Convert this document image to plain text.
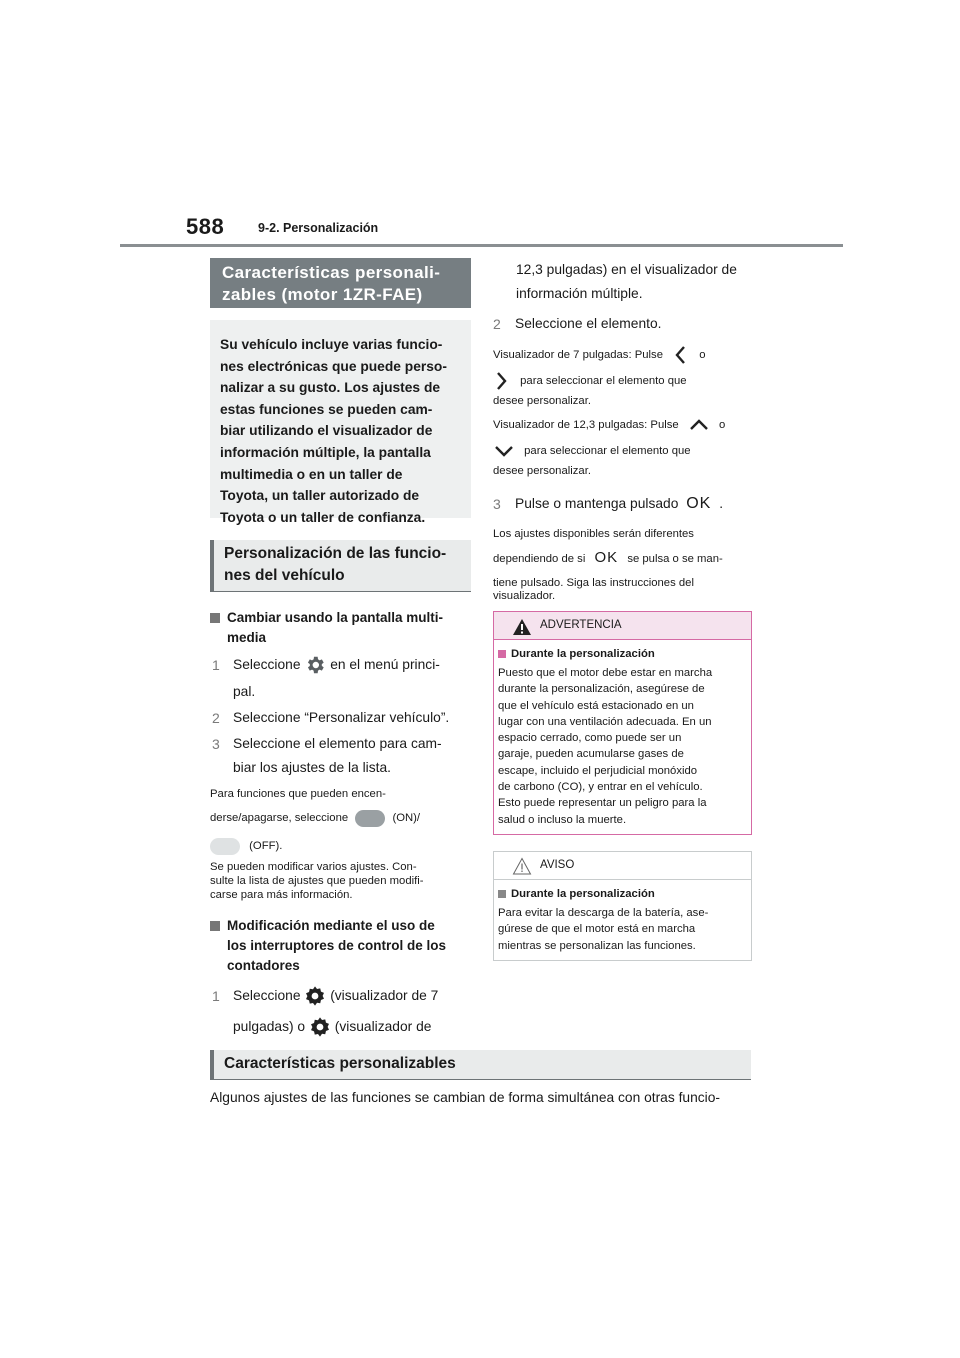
588	9-2. Personalización
Características personali-
zables (motor 1ZR-FAE)
Su vehículo incluye varias funcio-
nes electrónicas que puede perso-
nalizar a su gusto. Los ajustes de
estas funciones se pueden cam-
biar utilizando el visualizador de
información múltiple, la pantalla
multimedia o en un taller de
Toyota, un taller autorizado de
Toyota o un taller de confianza.
Personalización de las funcio-
nes del vehículo
Cambiar usando la pantalla multi-
media
1 Seleccione en el menú princi-
pal.
2 Seleccione “Personalizar vehículo”.
3 Seleccione el elemento para cam-
biar los ajustes de la lista.
Para funciones que pueden encen-
derse/apagarse, seleccione	(ON)/
(OFF).
Se pueden modificar varios ajustes. Con-
sulte la lista de ajustes que pueden modifi-
carse para más información.
Modificación mediante el uso de
los interruptores de control de los
contadores
1 Seleccione (visualizador de 7
pulgadas) o (visualizador de
12,3 pulgadas) en el visualizador de
información múltiple.
2 Seleccione el elemento.
Visualizador de 7 pulgadas: Pulse	o
para seleccionar el elemento que
desee personalizar.
Visualizador de 12,3 pulgadas: Pulse	o
para seleccionar el elemento que
desee personalizar.
3 Pulse o mantenga pulsado OK .
Los ajustes disponibles serán diferentes
dependiendo de si OK se pulsa o se man-
tiene pulsado. Siga las instrucciones del
visualizador.
ADVERTENCIA
Durante la personalización
Puesto que el motor debe estar en marcha
durante la personalización, asegúrese de
que el vehículo está estacionado en un
lugar con una ventilación adecuada. En un
espacio cerrado, como puede ser un
garaje, pueden acumularse gases de
escape, incluido el perjudicial monóxido
de carbono (CO), y entrar en el vehículo.
Esto puede representar un peligro para la
salud o incluso la muerte.
AVISO
Durante la personalización
Para evitar la descarga de la batería, ase-
gúrese de que el motor está en marcha
mientras se personalizan las funciones.
Características personalizables
Algunos ajustes de las funciones se cambian de forma simultánea con otras funcio-
